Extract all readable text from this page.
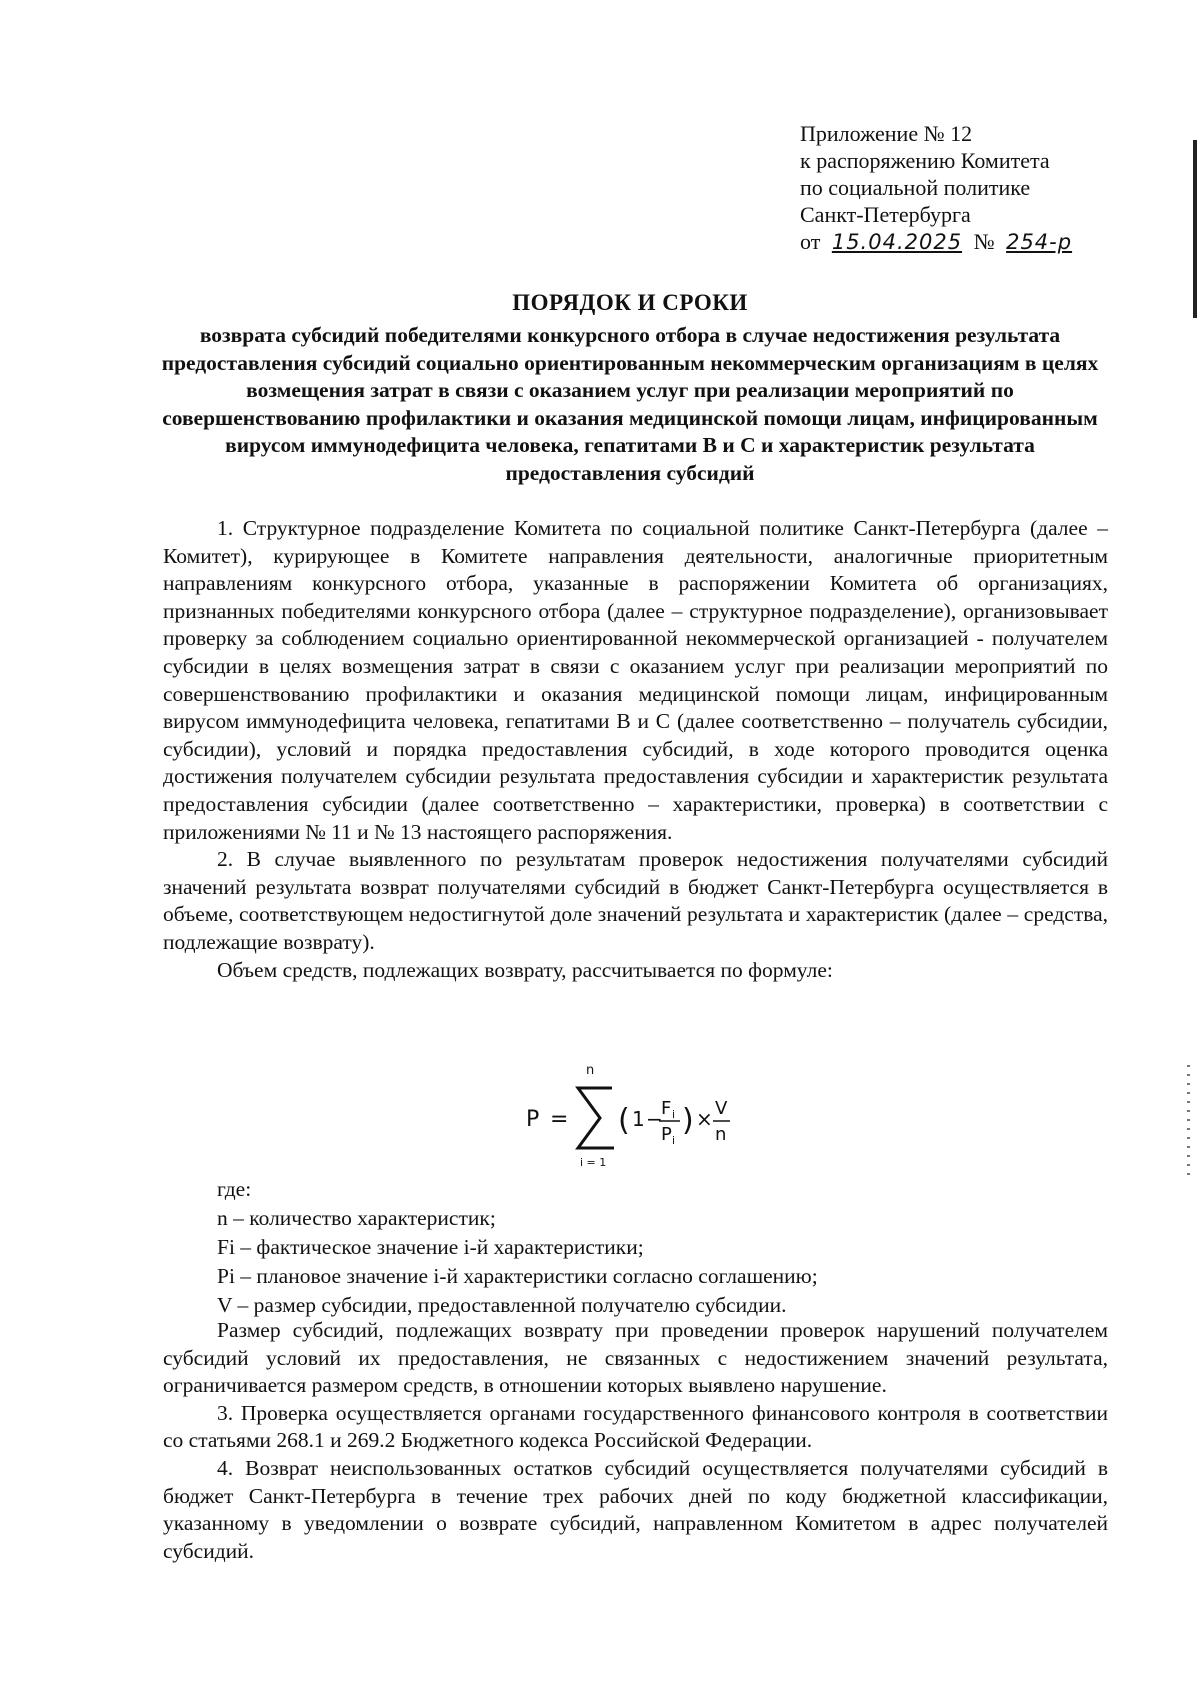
Приложение № 12
к распоряжению Комитета
по социальной политике
Санкт-Петербурга
от 15.04.2025 № 254-р
ПОРЯДОК И СРОКИ
возврата субсидий победителями конкурсного отбора в случае недостижения результата предоставления субсидий социально ориентированным некоммерческим организациям в целях возмещения затрат в связи с оказанием услуг при реализации мероприятий по совершенствованию профилактики и оказания медицинской помощи лицам, инфицированным вирусом иммунодефицита человека, гепатитами В и С и характеристик результата предоставления субсидий

1. Структурное подразделение Комитета по социальной политике Санкт-Петербурга (далее – Комитет), курирующее в Комитете направления деятельности, аналогичные приоритетным направлениям конкурсного отбора, указанные в распоряжении Комитета об организациях, признанных победителями конкурсного отбора (далее – структурное подразделение), организовывает проверку за соблюдением социально ориентированной некоммерческой организацией - получателем субсидии в целях возмещения затрат в связи с оказанием услуг при реализации мероприятий по совершенствованию профилактики и оказания медицинской помощи лицам, инфицированным вирусом иммунодефицита человека, гепатитами В и С (далее соответственно – получатель субсидии, субсидии), условий и порядка предоставления субсидий, в ходе которого проводится оценка достижения получателем субсидии результата предоставления субсидии и характеристик результата предоставления субсидии (далее соответственно – характеристики, проверка) в соответствии с приложениями № 11 и № 13 настоящего распоряжения.

2. В случае выявленного по результатам проверок недостижения получателями субсидий значений результата возврат получателями субсидий в бюджет Санкт-Петербурга осуществляется в объеме, соответствующем недостигнутой доле значений результата и характеристик (далее – средства, подлежащие возврату).

Объем средств, подлежащих возврату, рассчитывается по формуле:

P =
n
i = 1
( 1 −
F i
P i
) × V
n
где:
n – количество характеристик;
Fi – фактическое значение i-й характеристики;
Pi – плановое значение i-й характеристики согласно соглашению;
V – размер субсидии, предоставленной получателю субсидии.

Размер субсидий, подлежащих возврату при проведении проверок нарушений получателем субсидий условий их предоставления, не связанных с недостижением значений результата, ограничивается размером средств, в отношении которых выявлено нарушение.

3. Проверка осуществляется органами государственного финансового контроля в соответствии со статьями 268.1 и 269.2 Бюджетного кодекса Российской Федерации.

4. Возврат неиспользованных остатков субсидий осуществляется получателями субсидий в бюджет Санкт-Петербурга в течение трех рабочих дней по коду бюджетной классификации, указанному в уведомлении о возврате субсидий, направленном Комитетом в адрес получателей субсидий.
